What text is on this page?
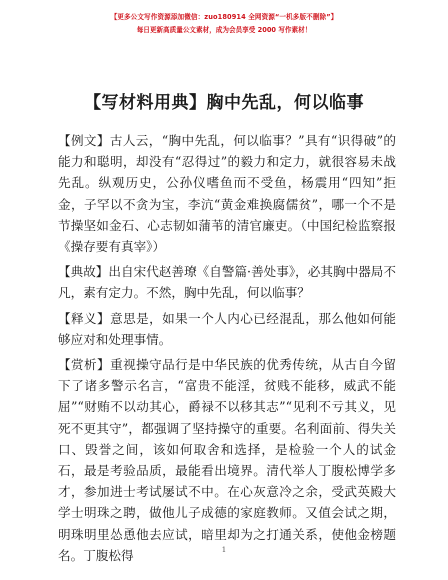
【更多公文写作资源添加微信：zuo180914 全网资源“一机多版不删除”】
每日更新高质量公文素材，成为会员享受 2000 写作素材！
【写材料用典】胸中先乱，何以临事

【例文】古人云，“胸中先乱，何以临事？”具有“识得破”的能力和聪明，却没有“忍得过”的毅力和定力，就很容易未战先乱。纵观历史，公孙仪嗜鱼而不受鱼，杨震用“四知”拒金，子罕以不贪为宝，李沆“黄金难换腐儒贫”，哪一个不是节操坚如金石、心志韧如蒲苇的清官廉吏。（中国纪检监察报《操存要有真宰》）

【典故】出自宋代赵善璙《自警篇·善处事》，必其胸中器局不凡，素有定力。不然，胸中先乱，何以临事？

【释义】意思是，如果一个人内心已经混乱，那么他如何能够应对和处理事情。

【赏析】重视操守品行是中华民族的优秀传统，从古自今留下了诸多警示名言，“富贵不能淫，贫贱不能移，威武不能屈”“财贿不以动其心，爵禄不以移其志”“见利不亏其义，见死不更其守”，都强调了坚持操守的重要。名利面前、得失关口、毁誉之间，该如何取舍和选择，是检验一个人的试金石，最是考验品质，最能看出境界。清代举人丁腹松博学多才，参加进士考试屡试不中。在心灰意冷之余，受武英殿大学士明珠之聘，做他儿子成德的家庭教师。又值会试之期，明珠明里怂恿他去应试，暗里却为之打通关系，使他金榜题名。丁腹松得	1
